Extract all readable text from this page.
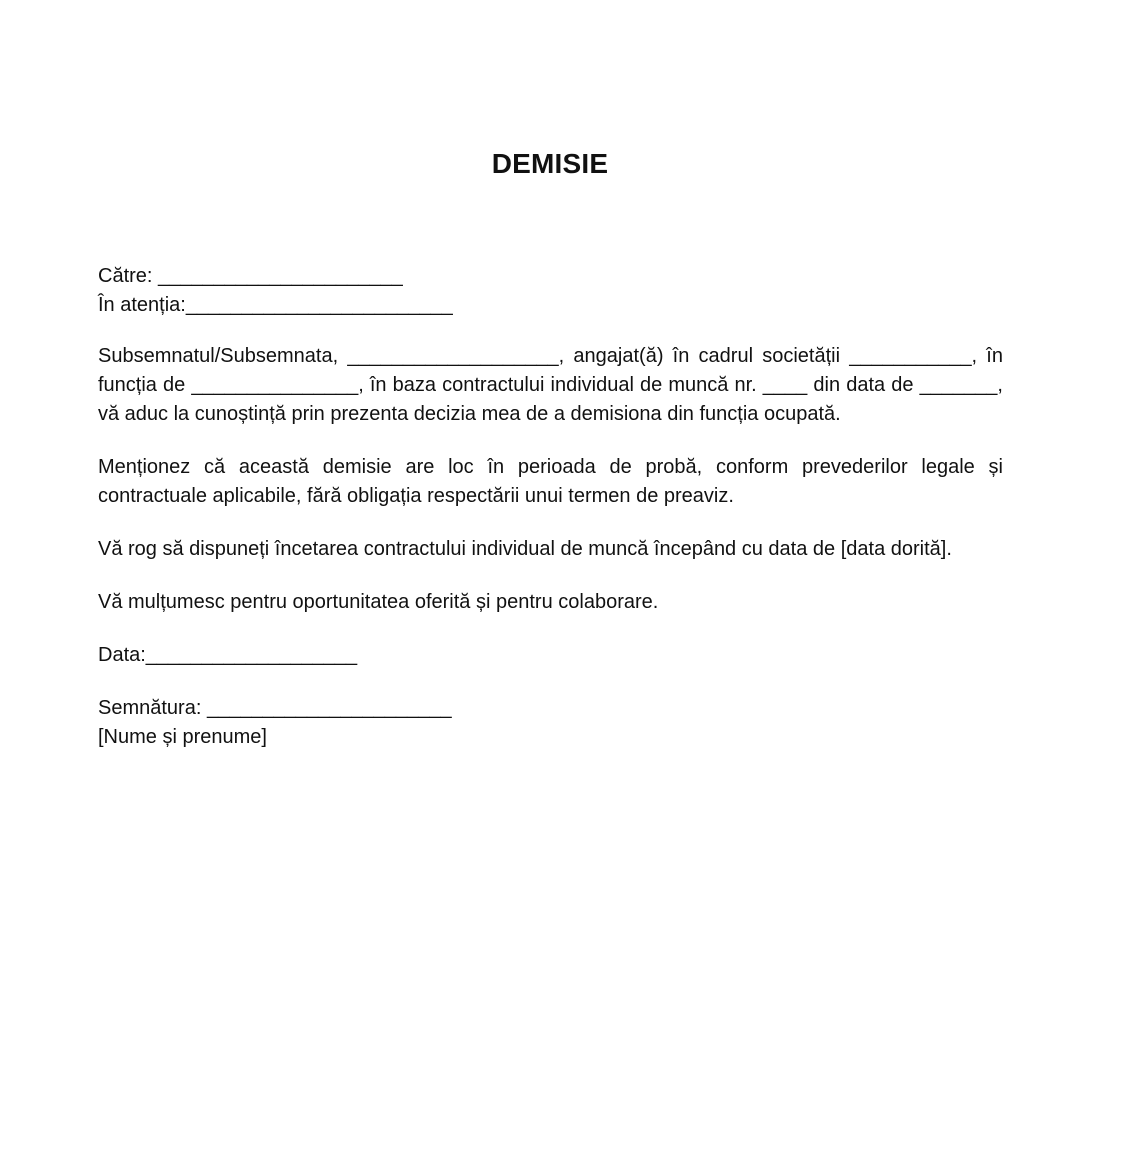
DEMISIE
Către: ______________________
În atenția:________________________
Subsemnatul/Subsemnata, ___________________, angajat(ă) în cadrul societății ___________, în funcția de _______________, în baza contractului individual de muncă nr. ____ din data de _______, vă aduc la cunoștință prin prezenta decizia mea de a demisiona din funcția ocupată.
Menționez că această demisie are loc în perioada de probă, conform prevederilor legale și contractuale aplicabile, fără obligația respectării unui termen de preaviz.
Vă rog să dispuneți încetarea contractului individual de muncă începând cu data de [data dorită].
Vă mulțumesc pentru oportunitatea oferită și pentru colaborare.
Data:___________________
Semnătura: ______________________
[Nume și prenume]
